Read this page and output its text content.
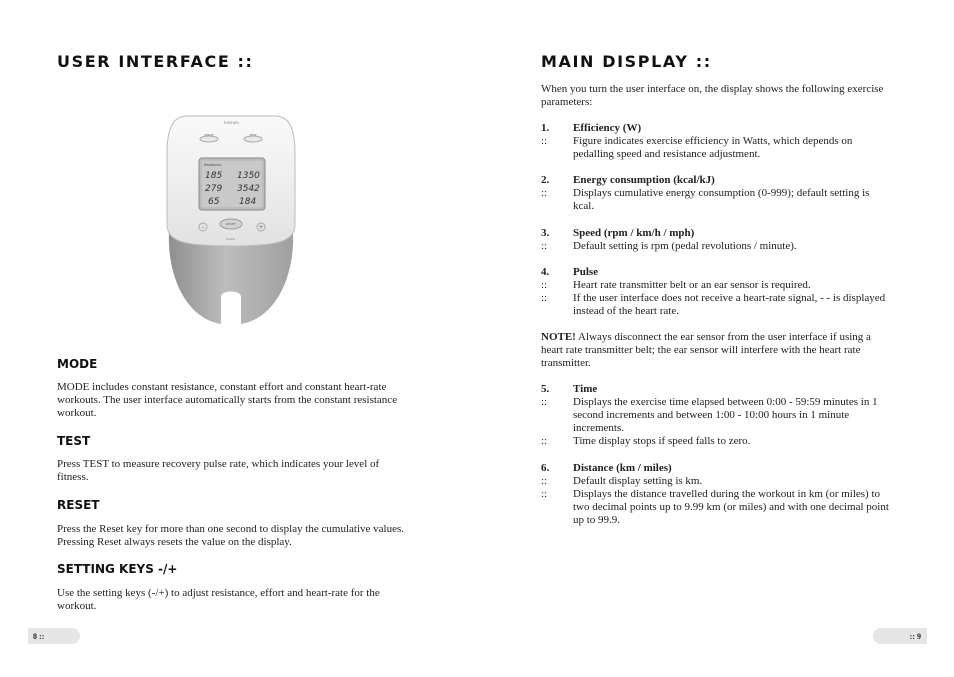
USER INTERFACE ::
TUNTURI
MODE	TEST
Resistance
185 1350
279 3542
65 184
RESET
–	+
Power
MODE
MODE includes constant resistance, constant effort and constant heart-rate workouts. The user interface automatically starts from the constant resistance workout.
TEST
Press TEST to measure recovery pulse rate, which indicates your level of fitness.
RESET
Press the Reset key for more than one second to display the cumulative values. Pressing Reset always resets the value on the display.
SETTING KEYS -/+
Use the setting keys (-/+) to adjust resistance, effort and heart-rate for the workout.
8 ::
MAIN DISPLAY ::
When you turn the user interface on, the display shows the following exercise parameters:
1.	Efficiency (W)
::	Figure indicates exercise efficiency in Watts, which depends on pedalling speed and resistance adjustment.
2.	Energy consumption (kcal/kJ)
::	Displays cumulative energy consumption (0-999); default setting is kcal.
3.	Speed (rpm / km/h / mph)
::	Default setting is rpm (pedal revolutions / minute).
4.	Pulse
::	Heart rate transmitter belt or an ear sensor is required.
::	If the user interface does not receive a heart-rate signal, - - is displayed instead of the heart rate.
NOTE! Always disconnect the ear sensor from the user interface if using a heart rate transmitter belt; the ear sensor will interfere with the heart rate transmitter.
5.	Time
::	Displays the exercise time elapsed between 0:00 - 59:59 minutes in 1 second increments and between 1:00 - 10:00 hours in 1 minute increments.
::	Time display stops if speed falls to zero.
6.	Distance (km / miles)
::	Default display setting is km.
::	Displays the distance travelled during the workout in km (or miles) to two decimal points up to 9.99 km (or miles) and with one decimal point up to 99.9.
:: 9
